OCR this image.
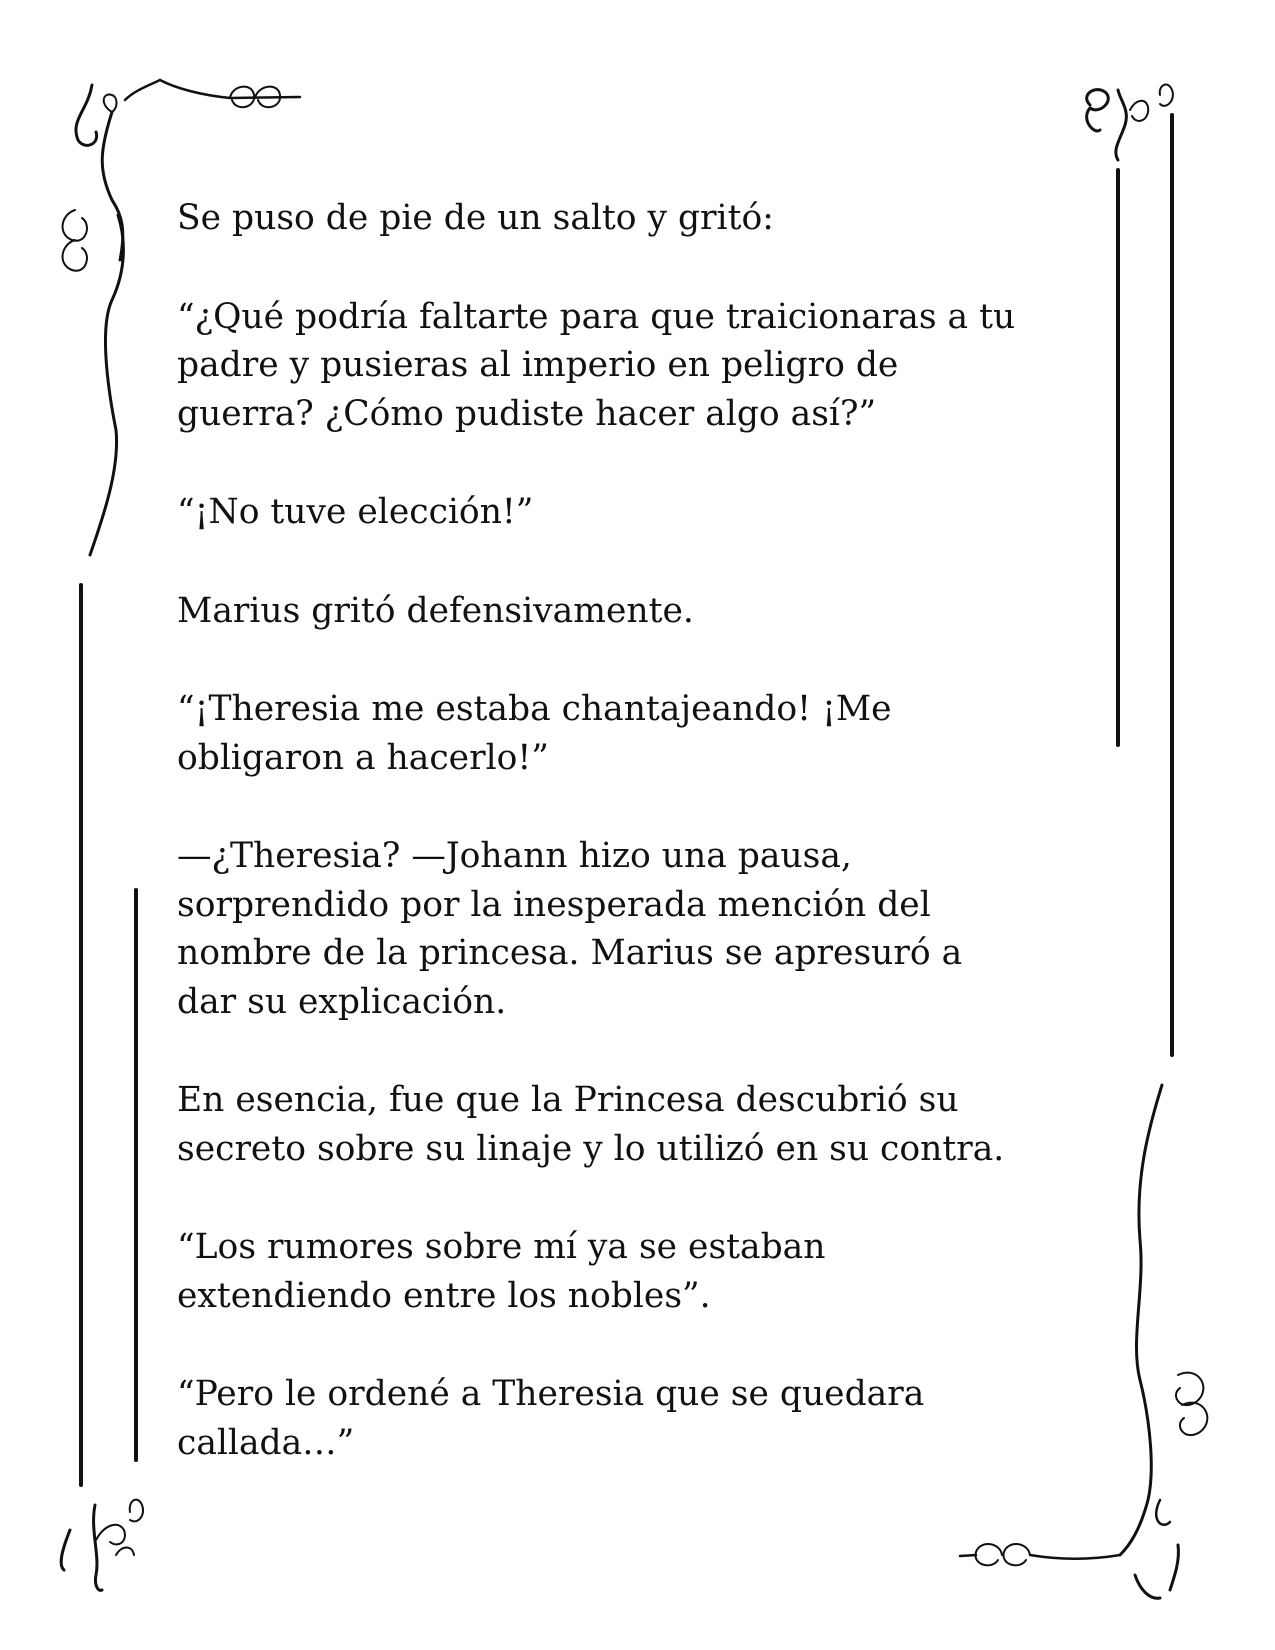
Se puso de pie de un salto y gritó:

“¿Qué podría faltarte para que traicionaras a tu
padre y pusieras al imperio en peligro de
guerra? ¿Cómo pudiste hacer algo así?”

“¡No tuve elección!”

Marius gritó defensivamente.

“¡Theresia me estaba chantajeando! ¡Me
obligaron a hacerlo!”

—¿Theresia? —Johann hizo una pausa,
sorprendido por la inesperada mención del
nombre de la princesa. Marius se apresuró a
dar su explicación.

En esencia, fue que la Princesa descubrió su
secreto sobre su linaje y lo utilizó en su contra.

“Los rumores sobre mí ya se estaban
extendiendo entre los nobles”.

“Pero le ordené a Theresia que se quedara
callada…”
